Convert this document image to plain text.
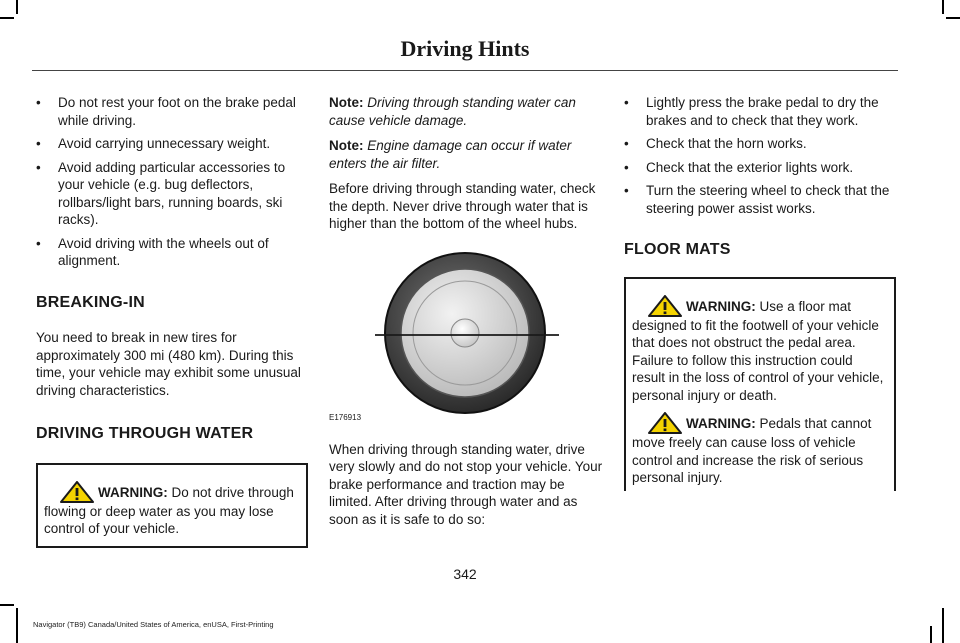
Driving Hints
• Do not rest your foot on the brake pedal while driving.
• Avoid carrying unnecessary weight.
• Avoid adding particular accessories to your vehicle (e.g. bug deflectors, rollbars/light bars, running boards, ski racks).
• Avoid driving with the wheels out of alignment.
BREAKING-IN

You need to break in new tires for approximately 300 mi (480 km). During this time, your vehicle may exhibit some unusual driving characteristics.

DRIVING THROUGH WATER
WARNING: Do not drive through flowing or deep water as you may lose control of your vehicle.

Note: Driving through standing water can cause vehicle damage.

Note: Engine damage can occur if water enters the air filter.

Before driving through standing water, check the depth. Never drive through water that is higher than the bottom of the wheel hubs.

E176913

When driving through standing water, drive very slowly and do not stop your vehicle. Your brake performance and traction may be limited. After driving through water and as soon as it is safe to do so:

• Lightly press the brake pedal to dry the brakes and to check that they work.
• Check that the horn works.
• Check that the exterior lights work.
• Turn the steering wheel to check that the steering power assist works.
FLOOR MATS
WARNING: Use a floor mat designed to fit the footwell of your vehicle that does not obstruct the pedal area. Failure to follow this instruction could result in the loss of control of your vehicle, personal injury or death.
WARNING: Pedals that cannot move freely can cause loss of vehicle control and increase the risk of serious personal injury.
342
Navigator (TB9) Canada/United States of America, enUSA, First-Printing
